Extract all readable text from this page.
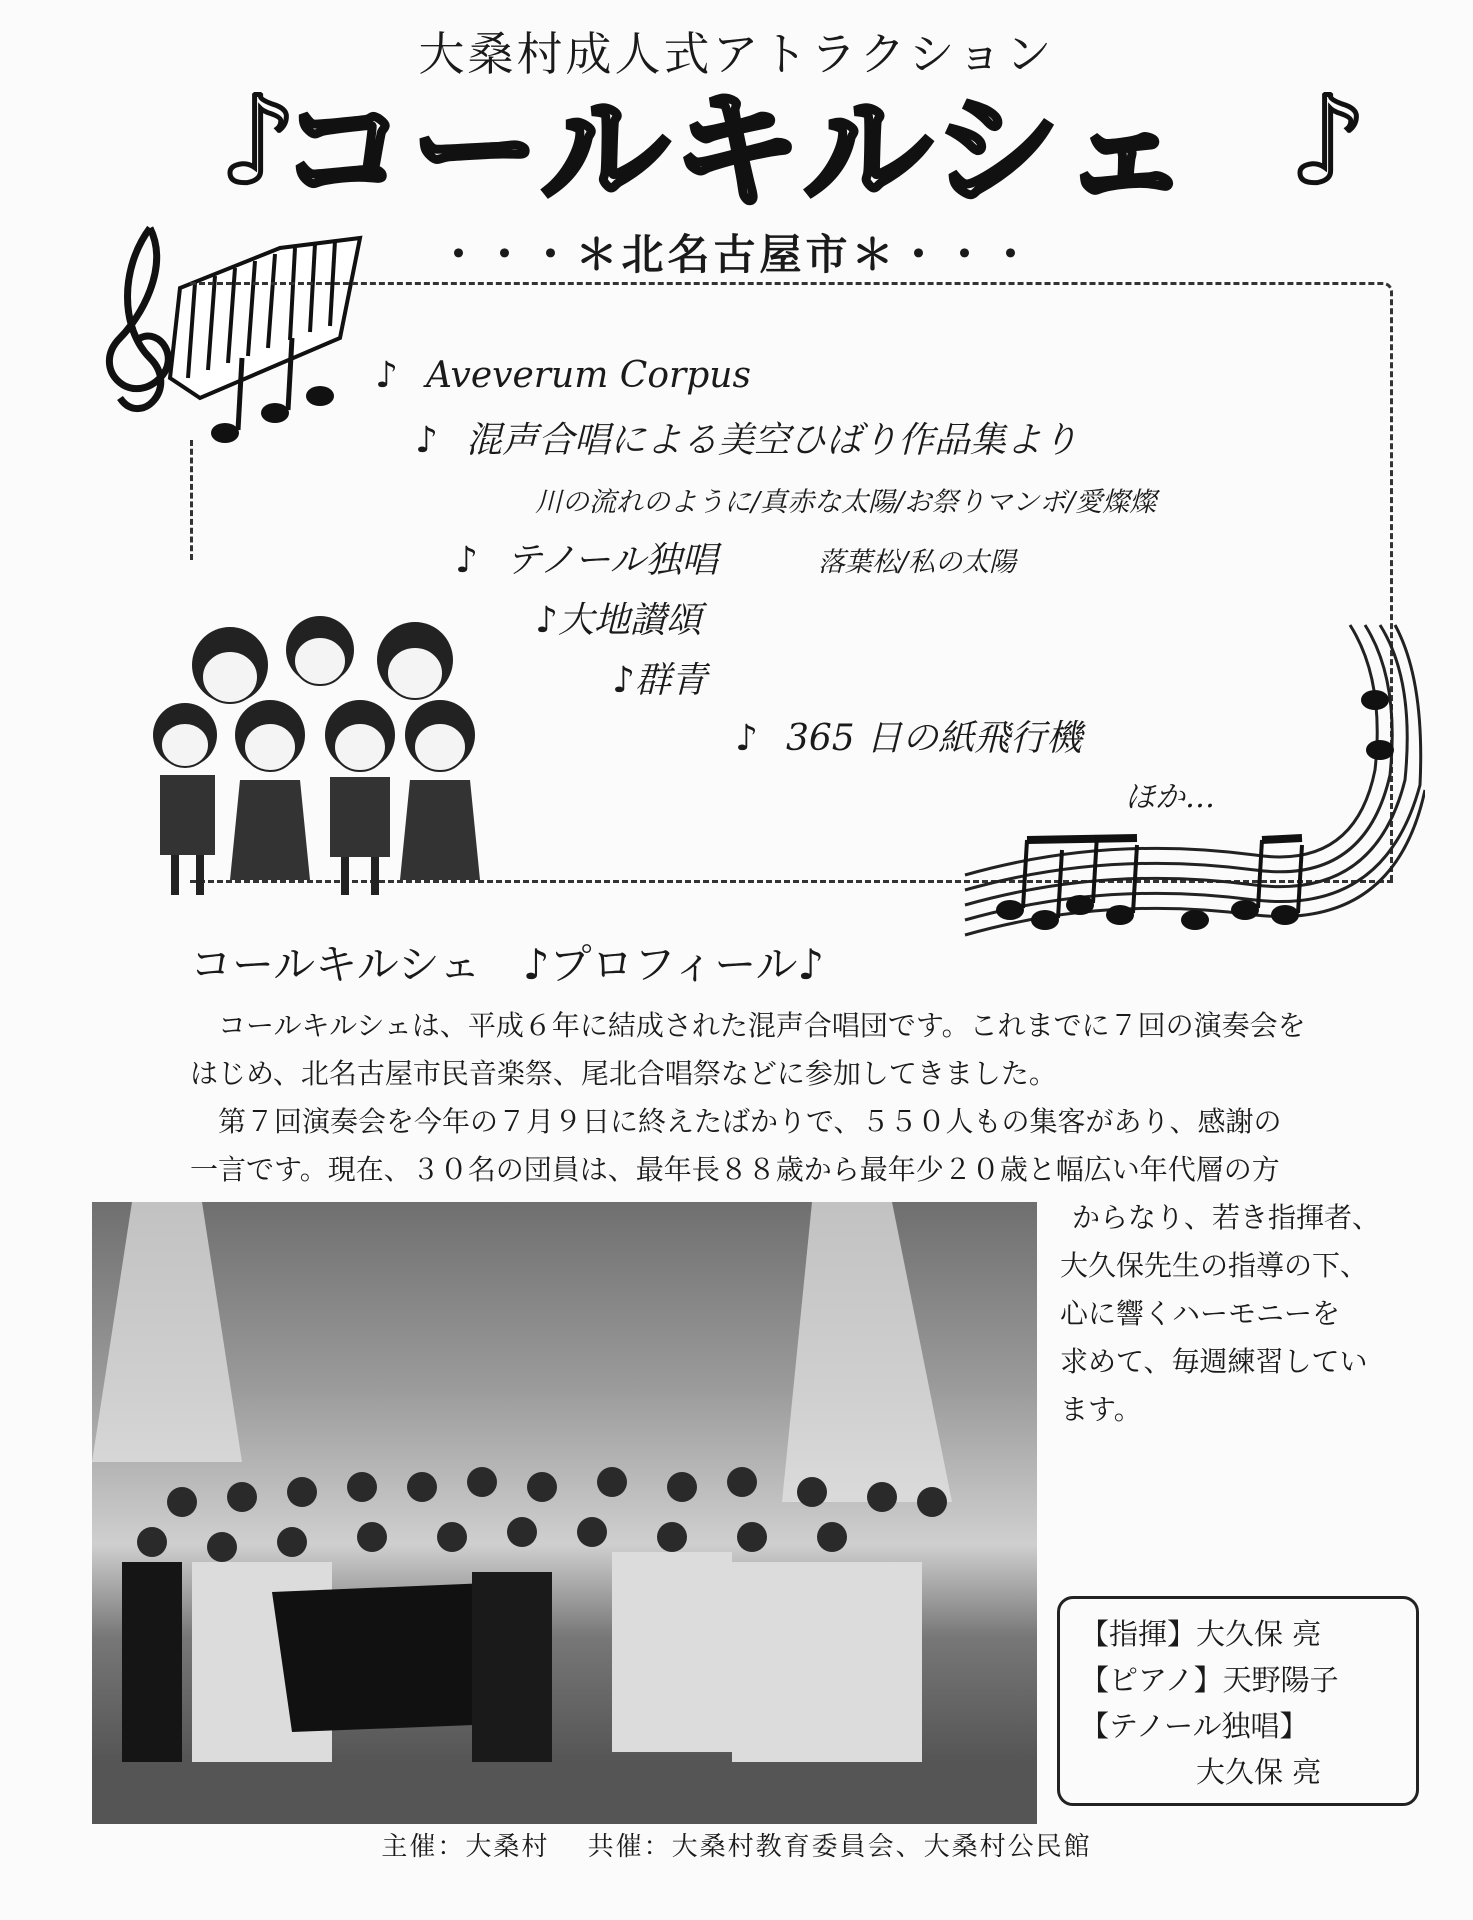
大桑村成人式アトラクション
♪
コールキルシェ ♪
・・・＊北名古屋市＊・・・
♪ Aveverum Corpus
♪ 混声合唱による美空ひばり作品集より
川の流れのように/真赤な太陽/お祭りマンボ/愛燦燦
♪ テノール独唱	落葉松/私の太陽
♪大地讃頌
♪群青
♪ 365 日の紙飛行機
ほか…
コールキルシェ　♪プロフィール♪
　コールキルシェは、平成６年に結成された混声合唱団です。これまでに７回の演奏会を
はじめ、北名古屋市民音楽祭、尾北合唱祭などに参加してきました。
　第７回演奏会を今年の７月９日に終えたばかりで、５５０人もの集客があり、感謝の
一言です。現在、３０名の団員は、最年長８８歳から最年少２０歳と幅広い年代層の方
からなり、若き指揮者、
大久保先生の指導の下、
心に響くハーモニーを
求めて、毎週練習してい
ます。
【指揮】大久保 亮
【ピアノ】天野陽子
【テノール独唱】
　　　　大久保 亮
主催：大桑村　 共催：大桑村教育委員会、大桑村公民館
